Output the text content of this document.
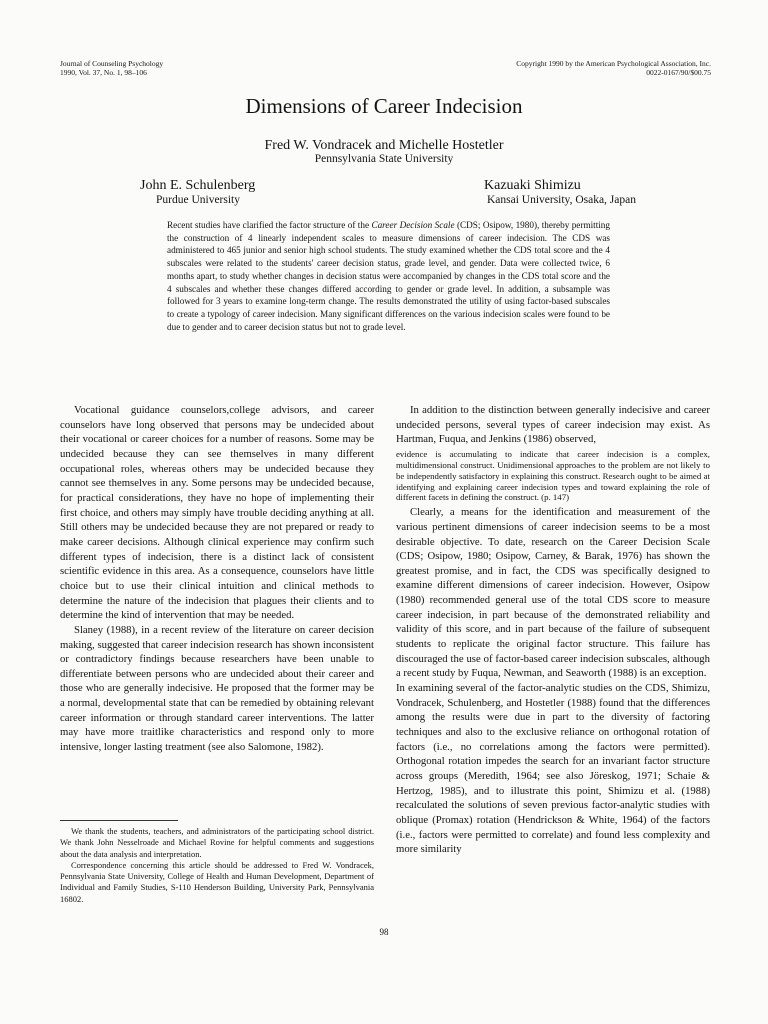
Journal of Counseling Psychology
1990, Vol. 37, No. 1, 98–106
Copyright 1990 by the American Psychological Association, Inc.
0022-0167/90/$00.75
Dimensions of Career Indecision
Fred W. Vondracek and Michelle Hostetler
Pennsylvania State University
John E. Schulenberg
Purdue University
Kazuaki Shimizu
Kansai University, Osaka, Japan

Recent studies have clarified the factor structure of the Career Decision Scale (CDS; Osipow, 1980), thereby permitting the construction of 4 linearly independent scales to measure dimensions of career indecision. The CDS was administered to 465 junior and senior high school students. The study examined whether the CDS total score and the 4 subscales were related to the students' career decision status, grade level, and gender. Data were collected twice, 6 months apart, to study whether changes in decision status were accompanied by changes in the CDS total score and the 4 subscales and whether these changes differed according to gender or grade level. In addition, a subsample was followed for 3 years to examine long-term change. The results demonstrated the utility of using factor-based subscales to create a typology of career indecision. Many significant differences on the various indecision scales were found to be due to gender and to career decision status but not to grade level.

Vocational guidance counselors,college advisors, and career counselors have long observed that persons may be undecided about their vocational or career choices for a number of reasons. Some may be undecided because they can see themselves in many different occupational roles, whereas others may be undecided because they cannot see themselves in any. Some persons may be undecided because, for practical considerations, they have no hope of implementing their first choice, and others may simply have trouble deciding anything at all. Still others may be undecided because they are not prepared or ready to make career decisions. Although clinical experience may confirm such different types of indecision, there is a distinct lack of consistent scientific evidence in this area. As a consequence, counselors have little choice but to use their clinical intuition and clinical methods to determine the nature of the indecision that plagues their clients and to determine the kind of intervention that may be needed.

Slaney (1988), in a recent review of the literature on career decision making, suggested that career indecision research has shown inconsistent or contradictory findings because researchers have been unable to differentiate between persons who are undecided about their career and those who are generally indecisive. He proposed that the former may be a normal, developmental state that can be remedied by obtaining relevant career information or through standard career interventions. The latter may have more traitlike characteristics and respond only to more intensive, longer lasting treatment (see also Salomone, 1982).

In addition to the distinction between generally indecisive and career undecided persons, several types of career indecision may exist. As Hartman, Fuqua, and Jenkins (1986) observed,

evidence is accumulating to indicate that career indecision is a complex, multidimensional construct. Unidimensional approaches to the problem are not likely to be independently satisfactory in explaining this construct. Research ought to be aimed at identifying and explaining career indecision types and toward explaining the role of different facets in defining the construct. (p. 147)

Clearly, a means for the identification and measurement of the various pertinent dimensions of career indecision seems to be a most desirable objective. To date, research on the Career Decision Scale (CDS; Osipow, 1980; Osipow, Carney, & Barak, 1976) has shown the greatest promise, and in fact, the CDS was specifically designed to examine different dimensions of career indecision. However, Osipow (1980) recommended general use of the total CDS score to measure career indecision, in part because of the demonstrated reliability and validity of this score, and in part because of the failure of subsequent students to replicate the original factor structure. This failure has discouraged the use of factor-based career indecision subscales, although a recent study by Fuqua, Newman, and Seaworth (1988) is an exception.

In examining several of the factor-analytic studies on the CDS, Shimizu, Vondracek, Schulenberg, and Hostetler (1988) found that the differences among the results were due in part to the diversity of factoring techniques and also to the exclusive reliance on orthogonal rotation of factors (i.e., no correlations among the factors were permitted). Orthogonal rotation impedes the search for an invariant factor structure across groups (Meredith, 1964; see also Jöreskog, 1971; Schaie & Hertzog, 1985), and to illustrate this point, Shimizu et al. (1988) recalculated the solutions of seven previous factor-analytic studies with oblique (Promax) rotation (Hendrickson & White, 1964) of the factors (i.e., factors were permitted to correlate) and found less complexity and more similarity

We thank the students, teachers, and administrators of the participating school district. We thank John Nesselroade and Michael Rovine for helpful comments and suggestions about the data analysis and interpretation.

Correspondence concerning this article should be addressed to Fred W. Vondracek, Pennsylvania State University, College of Health and Human Development, Department of Individual and Family Studies, S-110 Henderson Building, University Park, Pennsylvania 16802.

98
